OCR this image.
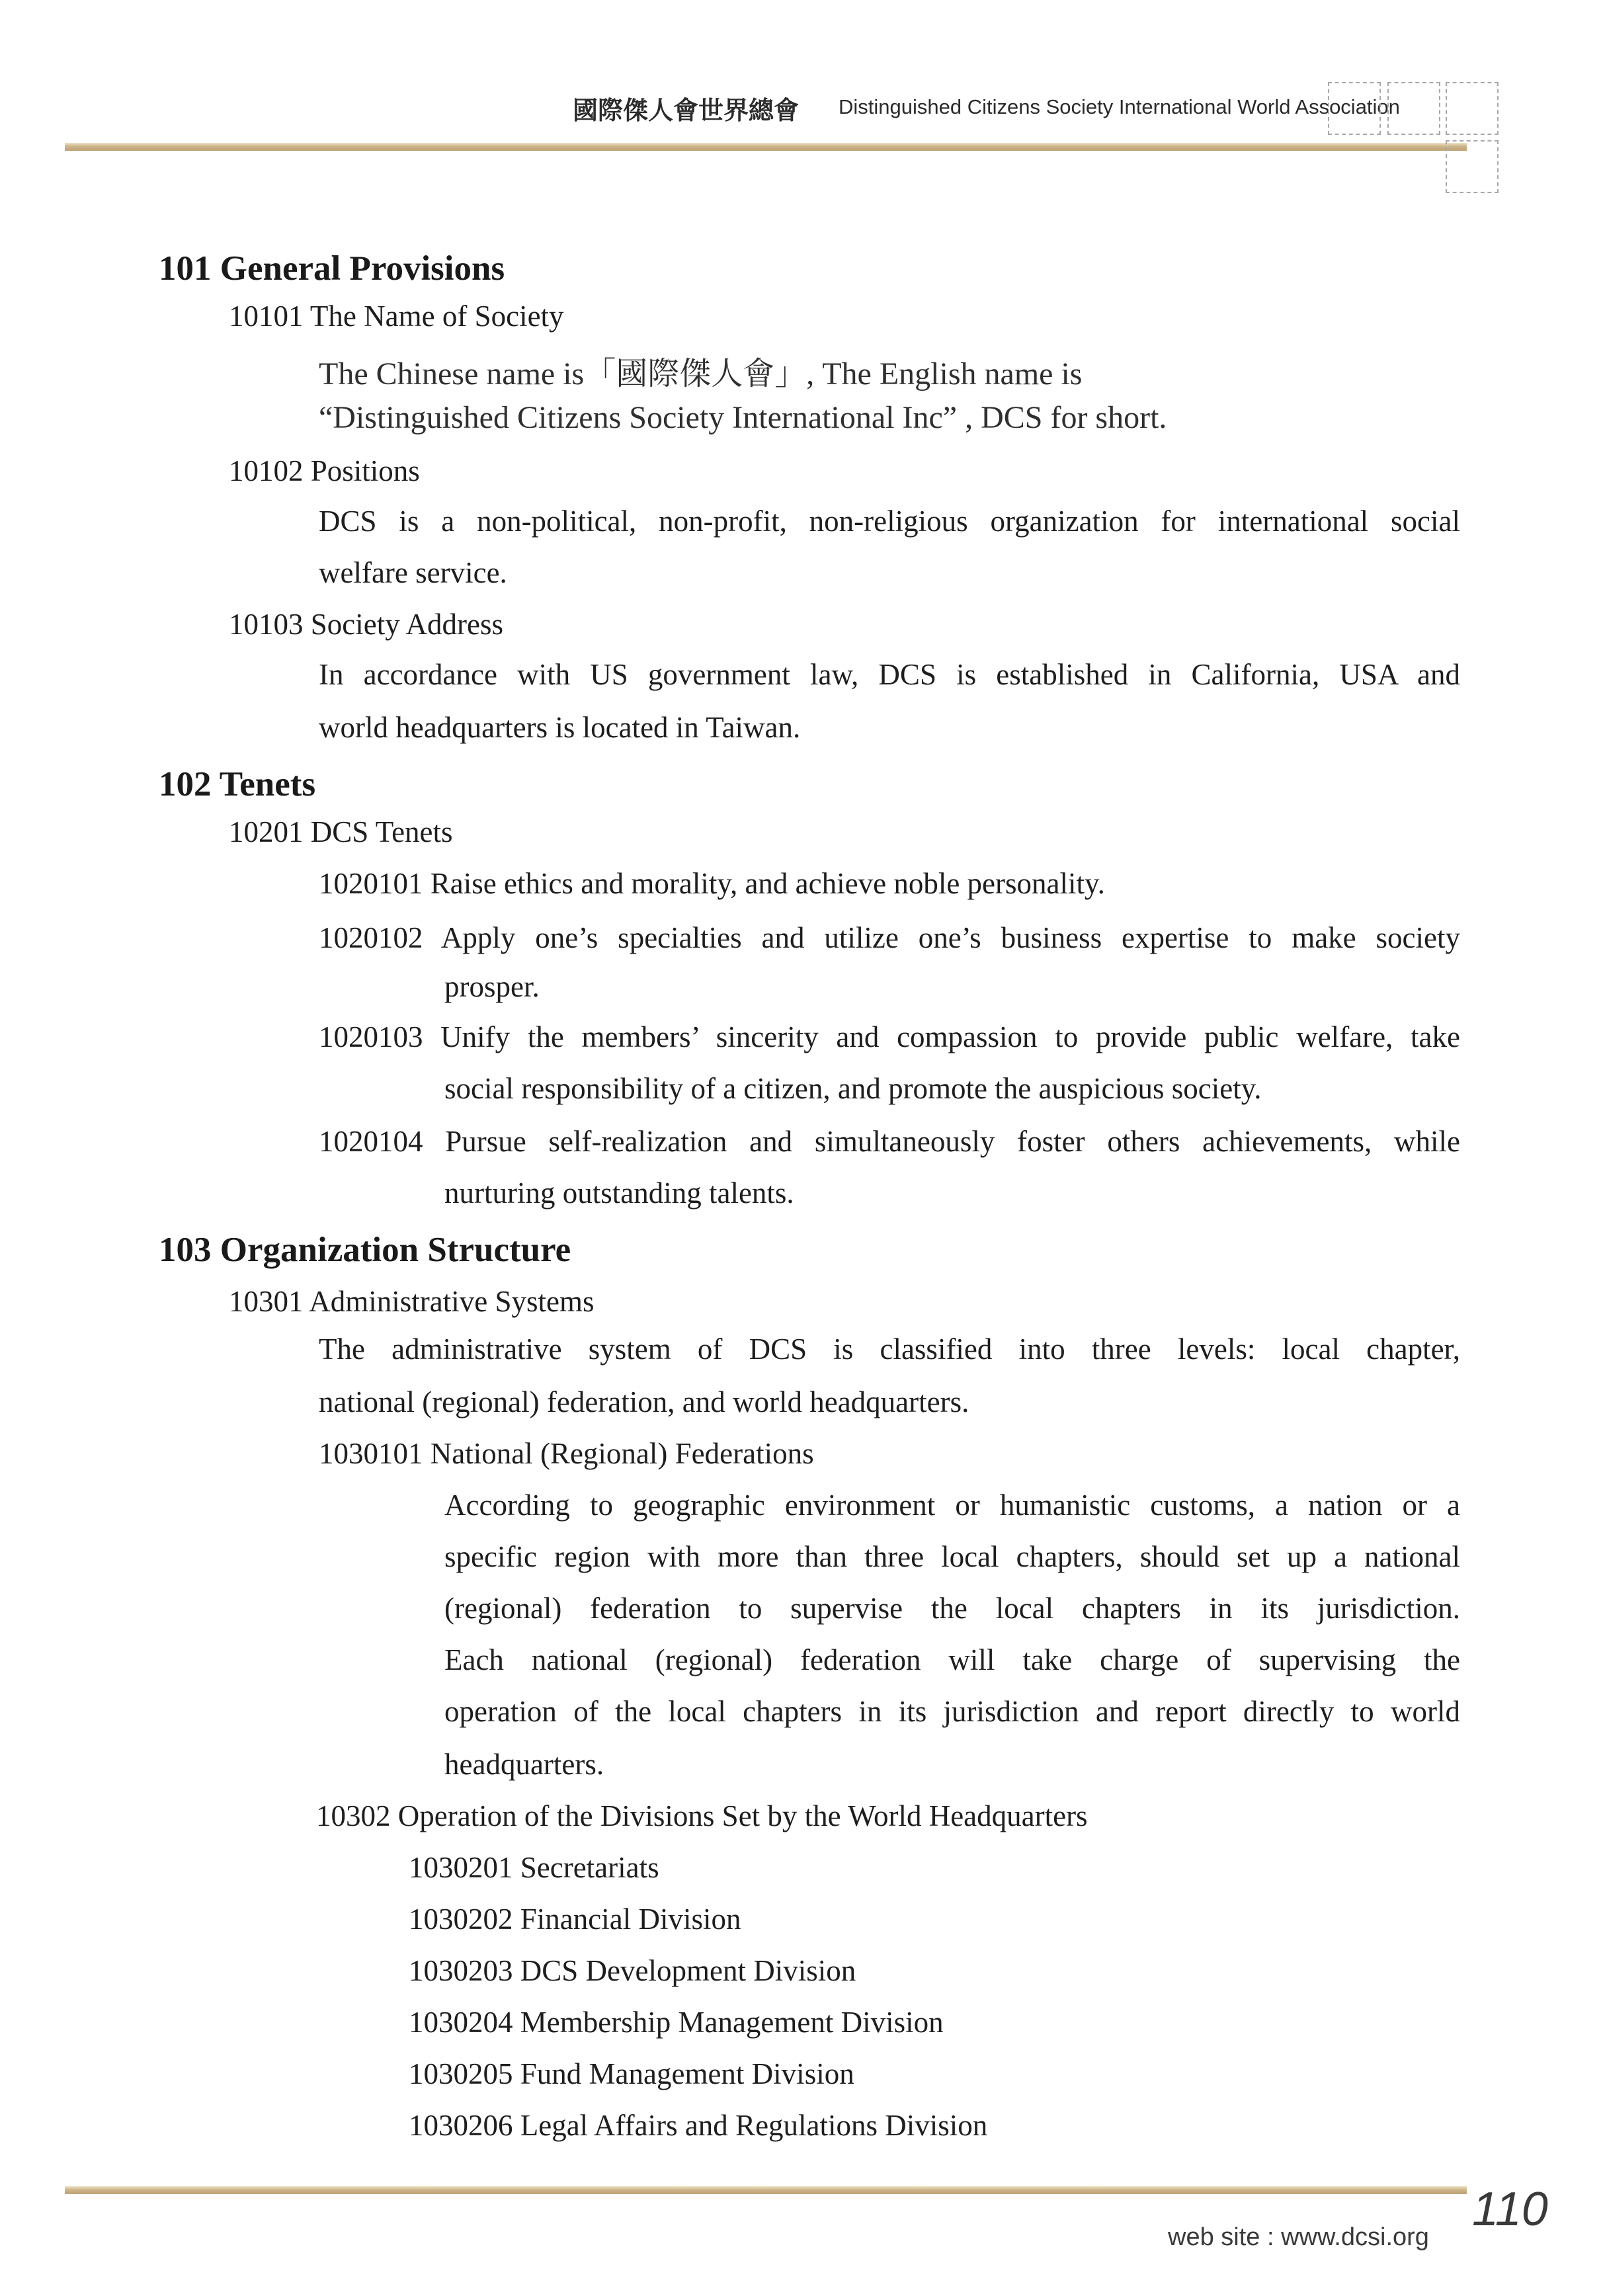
國際傑人會世界總會 Distinguished Citizens Society International World Association
101 General Provisions
10101 The Name of Society
The Chinese name is「國際傑人會」, The English name is
“Distinguished Citizens Society International Inc” , DCS for short.
10102 Positions
DCS is a non-political, non-profit, non-religious organization for international social
welfare service.
10103 Society Address
In accordance with US government law, DCS is established in California, USA and
world headquarters is located in Taiwan.
102 Tenets
10201 DCS Tenets
1020101 Raise ethics and morality, and achieve noble personality.
1020102 Apply one’s specialties and utilize one’s business expertise to make society
prosper.
1020103 Unify the members’ sincerity and compassion to provide public welfare, take
social responsibility of a citizen, and promote the auspicious society.
1020104 Pursue self-realization and simultaneously foster others achievements, while
nurturing outstanding talents.
103 Organization Structure
10301 Administrative Systems
The administrative system of DCS is classified into three levels: local chapter,
national (regional) federation, and world headquarters.
1030101 National (Regional) Federations
According to geographic environment or humanistic customs, a nation or a
specific region with more than three local chapters, should set up a national
(regional) federation to supervise the local chapters in its jurisdiction.
Each national (regional) federation will take charge of supervising the
operation of the local chapters in its jurisdiction and report directly to world
headquarters.
10302 Operation of the Divisions Set by the World Headquarters
1030201 Secretariats
1030202 Financial Division
1030203 DCS Development Division
1030204 Membership Management Division
1030205 Fund Management Division
1030206 Legal Affairs and Regulations Division
110
web site : www.dcsi.org
